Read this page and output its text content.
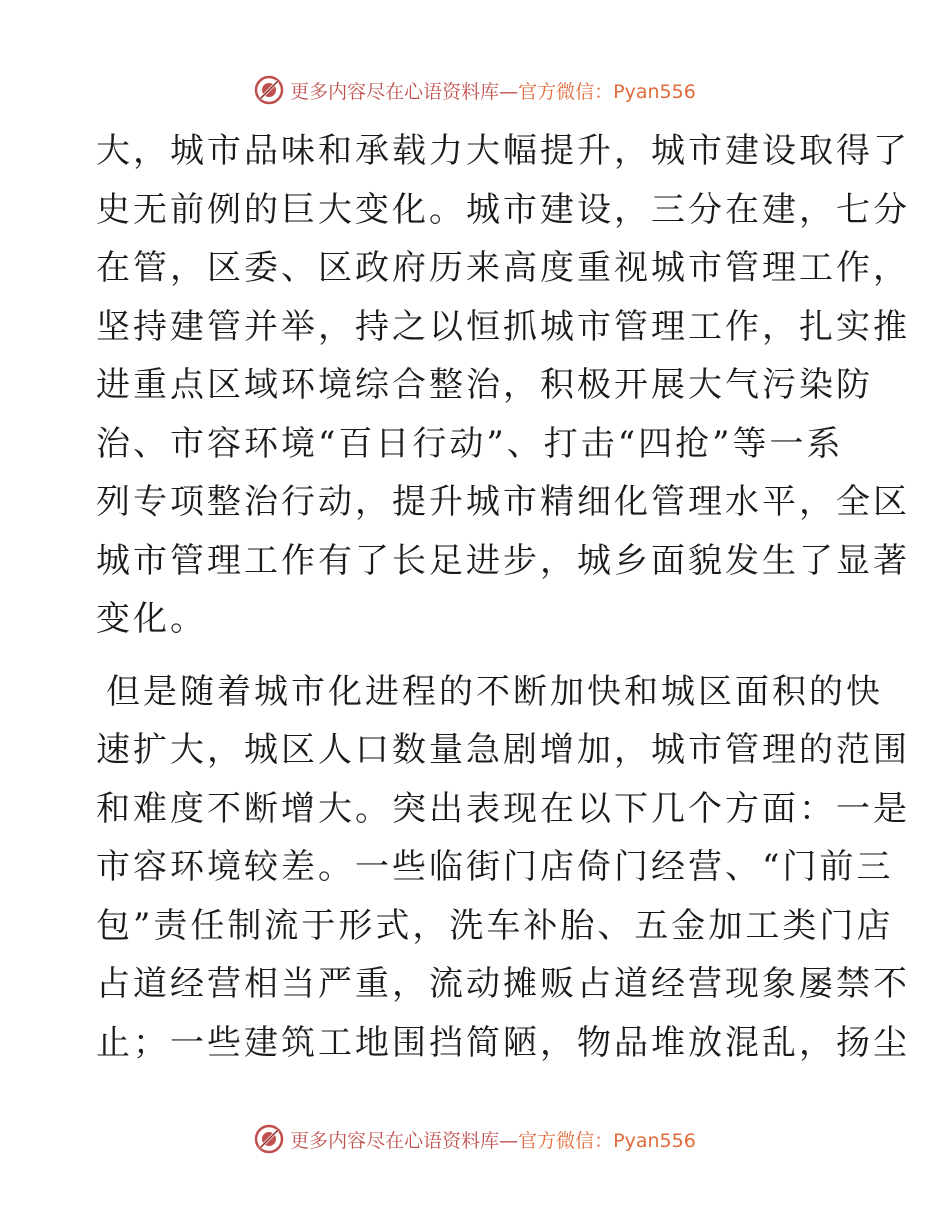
更多内容尽在心语资料库—官方微信：Pyan556
大，城市品味和承载力大幅提升，城市建设取得了
史无前例的巨大变化。城市建设，三分在建，七分
在管，区委、区政府历来高度重视城市管理工作，
坚持建管并举，持之以恒抓城市管理工作，扎实推
进重点区域环境综合整治，积极开展大气污染防
治、市容环境“百日行动”、打击“四抢”等一系
列专项整治行动，提升城市精细化管理水平，全区
城市管理工作有了长足进步，城乡面貌发生了显著
变化。
但是随着城市化进程的不断加快和城区面积的快
速扩大，城区人口数量急剧增加，城市管理的范围
和难度不断增大。突出表现在以下几个方面：一是
市容环境较差。一些临街门店倚门经营、“门前三
包”责任制流于形式，洗车补胎、五金加工类门店
占道经营相当严重，流动摊贩占道经营现象屡禁不
止；一些建筑工地围挡简陋，物品堆放混乱，扬尘
更多内容尽在心语资料库—官方微信：Pyan556
